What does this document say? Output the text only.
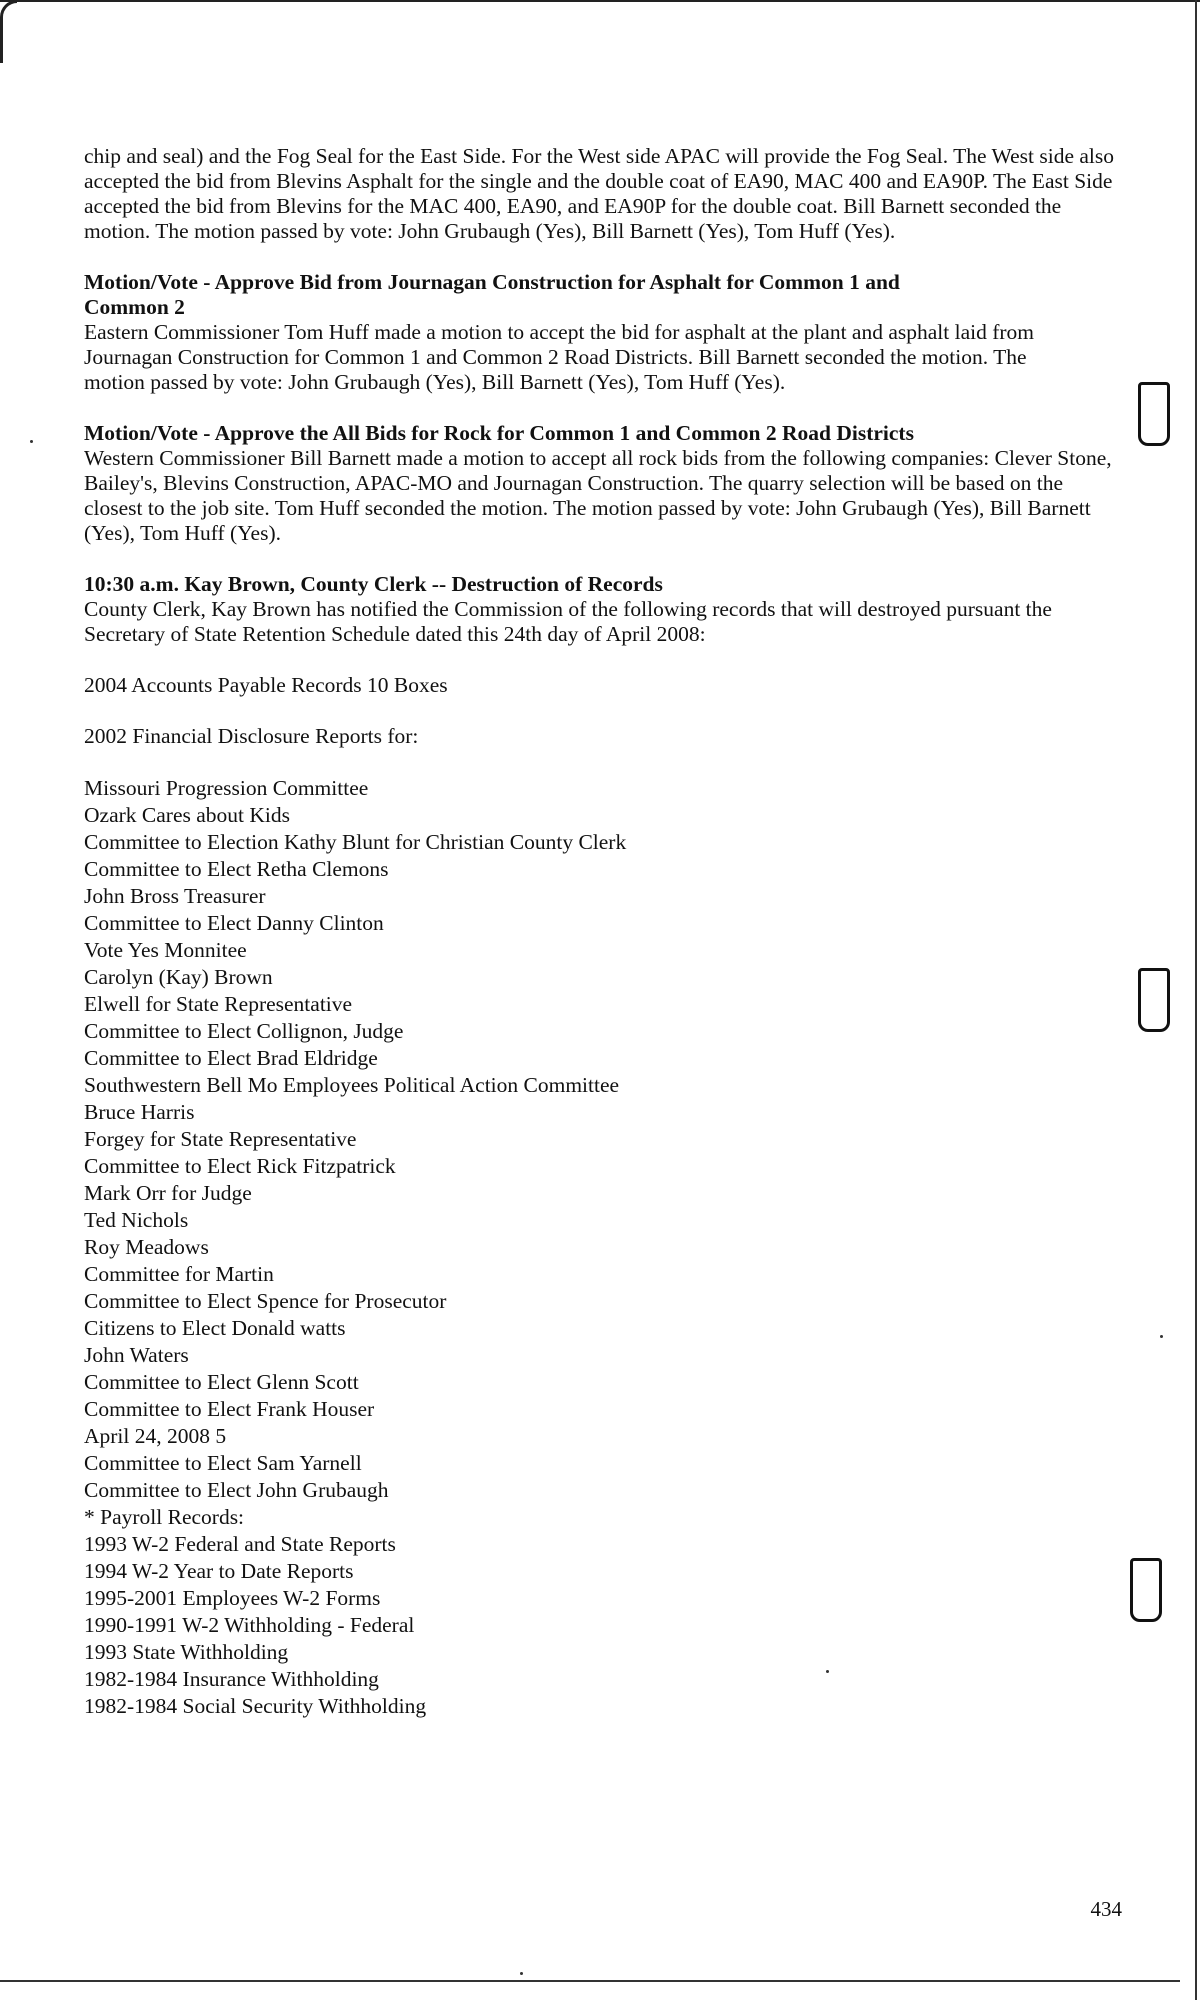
chip and seal) and the Fog Seal for the East Side. For the West side APAC will provide the Fog Seal. The West side also accepted the bid from Blevins Asphalt for the single and the double coat of EA90, MAC 400 and EA90P. The East Side accepted the bid from Blevins for the MAC 400, EA90, and EA90P for the double coat. Bill Barnett seconded the motion. The motion passed by vote: John Grubaugh (Yes), Bill Barnett (Yes), Tom Huff (Yes).

Motion/Vote - Approve Bid from Journagan Construction for Asphalt for Common 1 and Common 2

Eastern Commissioner Tom Huff made a motion to accept the bid for asphalt at the plant and asphalt laid from Journagan Construction for Common 1 and Common 2 Road Districts. Bill Barnett seconded the motion. The motion passed by vote: John Grubaugh (Yes), Bill Barnett (Yes), Tom Huff (Yes).

Motion/Vote - Approve the All Bids for Rock for Common 1 and Common 2 Road Districts

Western Commissioner Bill Barnett made a motion to accept all rock bids from the following companies: Clever Stone, Bailey's, Blevins Construction, APAC-MO and Journagan Construction. The quarry selection will be based on the closest to the job site. Tom Huff seconded the motion. The motion passed by vote: John Grubaugh (Yes), Bill Barnett (Yes), Tom Huff (Yes).

10:30 a.m. Kay Brown, County Clerk -- Destruction of Records

County Clerk, Kay Brown has notified the Commission of the following records that will destroyed pursuant the Secretary of State Retention Schedule dated this 24th day of April 2008:

2004 Accounts Payable Records 10 Boxes

2002 Financial Disclosure Reports for:

Missouri Progression Committee
Ozark Cares about Kids
Committee to Election Kathy Blunt for Christian County Clerk
Committee to Elect Retha Clemons
John Bross Treasurer
Committee to Elect Danny Clinton
Vote Yes Monnitee
Carolyn (Kay) Brown
Elwell for State Representative
Committee to Elect Collignon, Judge
Committee to Elect Brad Eldridge
Southwestern Bell Mo Employees Political Action Committee
Bruce Harris
Forgey for State Representative
Committee to Elect Rick Fitzpatrick
Mark Orr for Judge
Ted Nichols
Roy Meadows
Committee for Martin
Committee to Elect Spence for Prosecutor
Citizens to Elect Donald watts
John Waters
Committee to Elect Glenn Scott
Committee to Elect Frank Houser
April 24, 2008 5
Committee to Elect Sam Yarnell
Committee to Elect John Grubaugh
* Payroll Records:
1993 W-2 Federal and State Reports
1994 W-2 Year to Date Reports
1995-2001 Employees W-2 Forms
1990-1991 W-2 Withholding - Federal
1993 State Withholding
1982-1984 Insurance Withholding
1982-1984 Social Security Withholding
434
